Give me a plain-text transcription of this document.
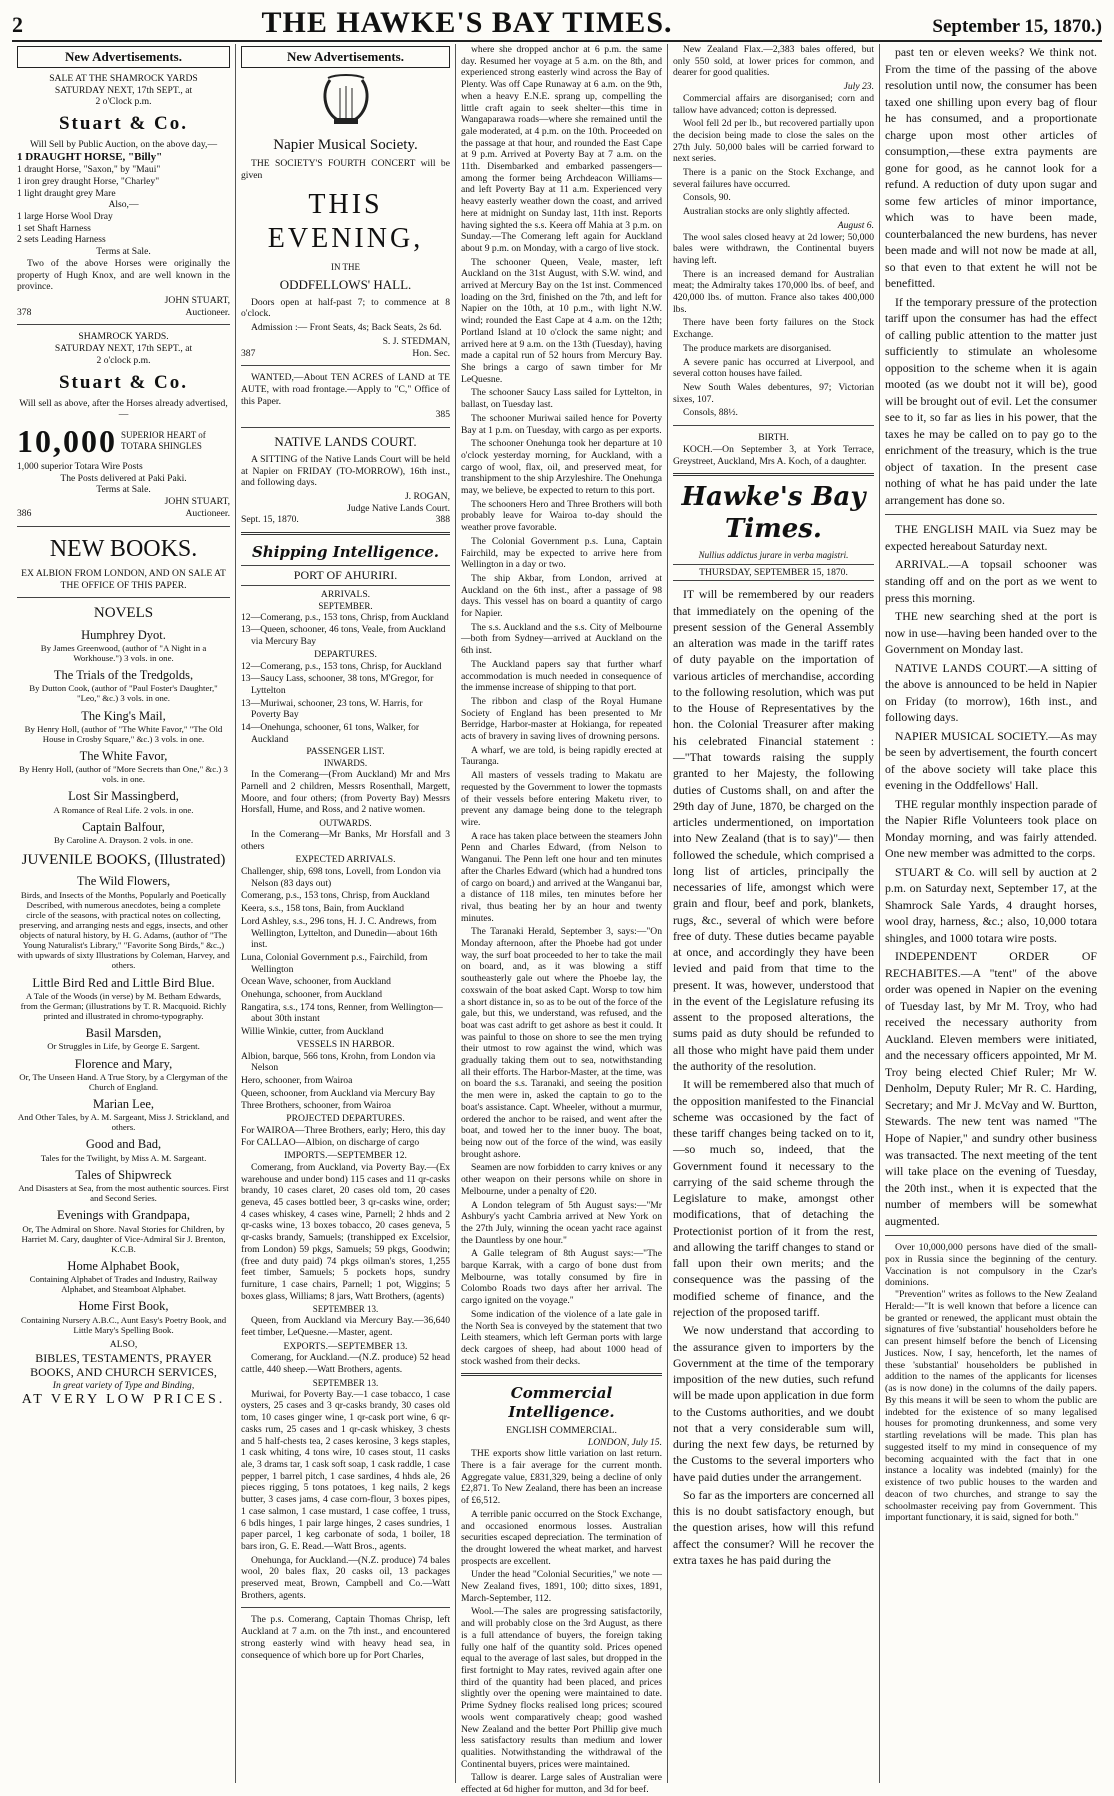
2	THE HAWKE'S BAY TIMES.	September 15, 1870.)
New Advertisements.
SALE AT THE SHAMROCK YARDS
SATURDAY NEXT, 17th SEPT., at
2 o'Clock p.m.
Stuart & Co.
Will Sell by Public Auction, on the above day,—
1 DRAUGHT HORSE, "Billy"
1 draught Horse, "Saxon," by "Maui"
1 iron grey draught Horse, "Charley"
1 light draught grey Mare
Also,—
1 large Horse Wool Dray
1 set Shaft Harness
2 sets Leading Harness
Terms at Sale.
Two of the above Horses were originally the property of Hugh Knox, and are well known in the province.
JOHN STUART,
378	Auctioneer.
SHAMROCK YARDS.
SATURDAY NEXT, 17th SEPT., at
2 o'clock p.m.
Stuart & Co.
Will sell as above, after the Horses already advertised,—
10,000 SUPERIOR HEART of TOTARA SHINGLES
1,000 superior Totara Wire Posts
The Posts delivered at Paki Paki.
Terms at Sale.
JOHN STUART,
386	Auctioneer.
NEW BOOKS.
EX ALBION FROM LONDON, AND ON SALE AT THE OFFICE OF THIS PAPER.
NOVELS
Humphrey Dyot.
By James Greenwood, (author of "A Night in a Workhouse.") 3 vols. in one.
The Trials of the Tredgolds,
By Dutton Cook, (author of "Paul Foster's Daughter," "Leo," &c.) 3 vols. in one.
The King's Mail,
By Henry Holl, (author of "The White Favor," "The Old House in Crosby Square," &c.) 3 vols. in one.
The White Favor,
By Henry Holl, (author of "More Secrets than One," &c.) 3 vols. in one.
Lost Sir Massingberd,
A Romance of Real Life. 2 vols. in one.
Captain Balfour,
By Caroline A. Drayson. 2 vols. in one.
JUVENILE BOOKS, (Illustrated)
The Wild Flowers,
Birds, and Insects of the Months, Popularly and Poetically Described, with numerous anecdotes, being a complete circle of the seasons, with practical notes on collecting, preserving, and arranging nests and eggs, insects, and other objects of natural history, by H. G. Adams, (author of "The Young Naturalist's Library," "Favorite Song Birds," &c.,) with upwards of sixty Illustrations by Coleman, Harvey, and others.
Little Bird Red and Little Bird Blue.
A Tale of the Woods (in verse) by M. Betham Edwards, from the German; (illustrations by T. R. Macquoid. Richly printed and illustrated in chromo-typography.
Basil Marsden,
Or Struggles in Life, by George E. Sargent.
Florence and Mary,
Or, The Unseen Hand. A True Story, by a Clergyman of the Church of England.
Marian Lee,
And Other Tales, by A. M. Sargeant, Miss J. Strickland, and others.
Good and Bad,
Tales for the Twilight, by Miss A. M. Sargeant.
Tales of Shipwreck
And Disasters at Sea, from the most authentic sources. First and Second Series.
Evenings with Grandpapa,
Or, The Admiral on Shore. Naval Stories for Children, by Harriet M. Cary, daughter of Vice-Admiral Sir J. Brenton, K.C.B.
Home Alphabet Book,
Containing Alphabet of Trades and Industry, Railway Alphabet, and Steamboat Alphabet.
Home First Book,
Containing Nursery A.B.C., Aunt Easy's Poetry Book, and Little Mary's Spelling Book.
ALSO,
BIBLES, TESTAMENTS, PRAYER BOOKS, AND CHURCH SERVICES,
In great variety of Type and Binding,
AT VERY LOW PRICES.
New Advertisements.
Napier Musical Society.
THE SOCIETY'S FOURTH CONCERT will be given
THIS EVENING,
IN THE
ODDFELLOWS' HALL.
Doors open at half-past 7; to commence at 8 o'clock.
Admission :— Front Seats, 4s; Back Seats, 2s 6d.
S. J. STEDMAN,
387	Hon. Sec.
WANTED,—About TEN ACRES of LAND at TE AUTE, with road frontage.—Apply to "C," Office of this Paper.
385
NATIVE LANDS COURT.
A SITTING of the Native Lands Court will be held at Napier on FRIDAY (TO-MORROW), 16th inst., and following days.
J. ROGAN,
Judge Native Lands Court.
Sept. 15, 1870.	388
Shipping Intelligence.
PORT OF AHURIRI.
ARRIVALS.
SEPTEMBER.
12—Comerang, p.s., 153 tons, Chrisp, from Auckland
13—Queen, schooner, 46 tons, Veale, from Auckland via Mercury Bay
DEPARTURES.
12—Comerang, p.s., 153 tons, Chrisp, for Auckland
13—Saucy Lass, schooner, 38 tons, M'Gregor, for Lyttelton
13—Muriwai, schooner, 23 tons, W. Harris, for Poverty Bay
14—Onehunga, schooner, 61 tons, Walker, for Auckland
PASSENGER LIST.
INWARDS.
In the Comerang—(From Auckland) Mr and Mrs Parnell and 2 children, Messrs Rosenthall, Margett, Moore, and four others; (from Poverty Bay) Messrs Horsfall, Hume, and Ross, and 2 native women.
OUTWARDS.
In the Comerang—Mr Banks, Mr Horsfall and 3 others
EXPECTED ARRIVALS.
Challenger, ship, 698 tons, Lovell, from London via Nelson (83 days out)
Comerang, p.s., 153 tons, Chrisp, from Auckland
Keera, s.s., 158 tons, Bain, from Auckland
Lord Ashley, s.s., 296 tons, H. J. C. Andrews, from Wellington, Lyttelton, and Dunedin—about 16th inst.
Luna, Colonial Government p.s., Fairchild, from Wellington
Ocean Wave, schooner, from Auckland
Onehunga, schooner, from Auckland
Rangatira, s.s., 174 tons, Renner, from Wellington—about 30th instant
Willie Winkie, cutter, from Auckland
VESSELS IN HARBOR.
Albion, barque, 566 tons, Krohn, from London via Nelson
Hero, schooner, from Wairoa
Queen, schooner, from Auckland via Mercury Bay
Three Brothers, schooner, from Wairoa
PROJECTED DEPARTURES.
For WAIROA—Three Brothers, early; Hero, this day
For CALLAO—Albion, on discharge of cargo
IMPORTS.—SEPTEMBER 12.
Comerang, from Auckland, via Poverty Bay.—(Ex warehouse and under bond) 115 cases and 11 qr-casks brandy, 10 cases claret, 20 cases old tom, 20 cases geneva, 45 cases bottled beer, 3 qr-casks wine, order; 4 cases whiskey, 4 cases wine, Parnell; 2 hhds and 2 qr-casks wine, 13 boxes tobacco, 20 cases geneva, 5 qr-casks brandy, Samuels; (transhipped ex Excelsior, from London) 59 pkgs, Samuels; 59 pkgs, Goodwin; (free and duty paid) 74 pkgs oilman's stores, 1,255 feet timber, Samuels; 5 pockets hops, sundry furniture, 1 case chairs, Parnell; 1 pot, Wiggins; 5 boxes glass, Williams; 8 jars, Watt Brothers, (agents)
SEPTEMBER 13.
Queen, from Auckland via Mercury Bay.—36,640 feet timber, LeQuesne.—Master, agent.
EXPORTS.—SEPTEMBER 13.
Comerang, for Auckland.—(N.Z. produce) 52 head cattle, 440 sheep.—Watt Brothers, agents.
SEPTEMBER 13.
Muriwai, for Poverty Bay.—1 case tobacco, 1 case oysters, 25 cases and 3 qr-casks brandy, 30 cases old tom, 10 cases ginger wine, 1 qr-cask port wine, 6 qr-casks rum, 25 cases and 1 qr-cask whiskey, 3 chests and 5 half-chests tea, 2 cases kerosine, 3 kegs staples, 1 cask whiting, 4 tons wire, 10 cases stout, 11 casks ale, 3 drams tar, 1 cask soft soap, 1 cask raddle, 1 case pepper, 1 barrel pitch, 1 case sardines, 4 hhds ale, 26 pieces rigging, 5 tons potatoes, 1 keg nails, 2 kegs butter, 3 cases jams, 4 case corn-flour, 3 boxes pipes, 1 case salmon, 1 case mustard, 1 case coffee, 1 truss, 6 bdls hinges, 1 pair large hinges, 2 cases sundries, 1 paper parcel, 1 keg carbonate of soda, 1 boiler, 18 bars iron, G. E. Read.—Watt Bros., agents.
Onehunga, for Auckland.—(N.Z. produce) 74 bales wool, 20 bales flax, 20 casks oil, 13 packages preserved meat, Brown, Campbell and Co.—Watt Brothers, agents.
The p.s. Comerang, Captain Thomas Chrisp, left Auckland at 7 a.m. on the 7th inst., and encountered strong easterly wind with heavy head sea, in consequence of which bore up for Port Charles,
where she dropped anchor at 6 p.m. the same day. Resumed her voyage at 5 a.m. on the 8th, and experienced strong easterly wind across the Bay of Plenty. Was off Cape Runaway at 6 a.m. on the 9th, when a heavy E.N.E. sprang up, compelling the little craft again to seek shelter—this time in Wangaparawa roads—where she remained until the gale moderated, at 4 p.m. on the 10th. Proceeded on the passage at that hour, and rounded the East Cape at 9 p.m. Arrived at Poverty Bay at 7 a.m. on the 11th. Disembarked and embarked passengers—among the former being Archdeacon Williams—and left Poverty Bay at 11 a.m. Experienced very heavy easterly weather down the coast, and arrived here at midnight on Sunday last, 11th inst. Reports having sighted the s.s. Keera off Mahia at 3 p.m. on Sunday.—The Comerang left again for Auckland about 9 p.m. on Monday, with a cargo of live stock.
The schooner Queen, Veale, master, left Auckland on the 31st August, with S.W. wind, and arrived at Mercury Bay on the 1st inst. Commenced loading on the 3rd, finished on the 7th, and left for Napier on the 10th, at 10 p.m., with light N.W. wind; rounded the East Cape at 4 a.m. on the 12th; Portland Island at 10 o'clock the same night; and arrived here at 9 a.m. on the 13th (Tuesday), having made a capital run of 52 hours from Mercury Bay. She brings a cargo of sawn timber for Mr LeQuesne.
The schooner Saucy Lass sailed for Lyttelton, in ballast, on Tuesday last.
The schooner Muriwai sailed hence for Poverty Bay at 1 p.m. on Tuesday, with cargo as per exports.
The schooner Onehunga took her departure at 10 o'clock yesterday morning, for Auckland, with a cargo of wool, flax, oil, and preserved meat, for transhipment to the ship Arzyleshire. The Onehunga may, we believe, be expected to return to this port.
The schooners Hero and Three Brothers will both probably leave for Wairoa to-day should the weather prove favorable.
The Colonial Government p.s. Luna, Captain Fairchild, may be expected to arrive here from Wellington in a day or two.
The ship Akbar, from London, arrived at Auckland on the 6th inst., after a passage of 98 days. This vessel has on board a quantity of cargo for Napier.
The s.s. Auckland and the s.s. City of Melbourne—both from Sydney—arrived at Auckland on the 6th inst.
The Auckland papers say that further wharf accommodation is much needed in consequence of the immense increase of shipping to that port.
The ribbon and clasp of the Royal Humane Society of England has been presented to Mr Berridge, Harbor-master at Hokianga, for repeated acts of bravery in saving lives of drowning persons.
A wharf, we are told, is being rapidly erected at Tauranga.
All masters of vessels trading to Makatu are requested by the Government to lower the topmasts of their vessels before entering Maketu river, to prevent any damage being done to the telegraph wire.
A race has taken place between the steamers John Penn and Charles Edward, (from Nelson to Wanganui. The Penn left one hour and ten minutes after the Charles Edward (which had a hundred tons of cargo on board,) and arrived at the Wanganui bar, a distance of 118 miles, ten minutes before her rival, thus beating her by an hour and twenty minutes.
The Taranaki Herald, September 3, says:—"On Monday afternoon, after the Phoebe had got under way, the surf boat proceeded to her to take the mail on board, and, as it was blowing a stiff southeasterly gale out where the Phoebe lay, the coxswain of the boat asked Capt. Worsp to tow him a short distance in, so as to be out of the force of the gale, but this, we understand, was refused, and the boat was cast adrift to get ashore as best it could. It was painful to those on shore to see the men trying their utmost to row against the wind, which was gradually taking them out to sea, notwithstanding all their efforts. The Harbor-Master, at the time, was on board the s.s. Taranaki, and seeing the position the men were in, asked the captain to go to the boat's assistance. Capt. Wheeler, without a murmur, ordered the anchor to be raised, and went after the boat, and towed her to the inner buoy. The boat, being now out of the force of the wind, was easily brought ashore.
Seamen are now forbidden to carry knives or any other weapon on their persons while on shore in Melbourne, under a penalty of £20.
A London telegram of 5th August says:—"Mr Ashbury's yacht Cambria arrived at New York on the 27th July, winning the ocean yacht race against the Dauntless by one hour."
A Galle telegram of 8th August says:—"The barque Karrak, with a cargo of bone dust from Melbourne, was totally consumed by fire in Colombo Roads two days after her arrival. The cargo ignited on the voyage."
Some indication of the violence of a late gale in the North Sea is conveyed by the statement that two Leith steamers, which left German ports with large deck cargoes of sheep, had about 1000 head of stock washed from their decks.
Commercial Intelligence.
ENGLISH COMMERCIAL.
LONDON, July 15.
THE exports show little variation on last return. There is a fair average for the current month. Aggregate value, £831,329, being a decline of only £2,871. To New Zealand, there has been an increase of £6,512.
A terrible panic occurred on the Stock Exchange, and occasioned enormous losses. Australian securities escaped depreciation. The termination of the drought lowered the wheat market, and harvest prospects are excellent.
Under the head "Colonial Securities," we note —New Zealand fives, 1891, 100; ditto sixes, 1891, March-September, 112.
Wool.—The sales are progressing satisfactorily, and will probably close on the 3rd August, as there is a full attendance of buyers, the foreign taking fully one half of the quantity sold. Prices opened equal to the average of last sales, but dropped in the first fortnight to May rates, revived again after one third of the quantity had been placed, and prices slightly over the opening were maintained to date. Prime Sydney flocks realised long prices; scoured wools went comparatively cheap; good washed New Zealand and the better Port Phillip give much less satisfactory results than medium and lower qualities. Notwithstanding the withdrawal of the Continental buyers, prices were maintained.
Tallow is dearer. Large sales of Australian were effected at 6d higher for mutton, and 3d for beef.
New Zealand Flax.—2,383 bales offered, but only 550 sold, at lower prices for common, and dearer for good qualities.
July 23.
Commercial affairs are disorganised; corn and tallow have advanced; cotton is depressed.
Wool fell 2d per lb., but recovered partially upon the decision being made to close the sales on the 27th July. 50,000 bales will be carried forward to next series.
There is a panic on the Stock Exchange, and several failures have occurred.
Consols, 90.
Australian stocks are only slightly affected.
August 6.
The wool sales closed heavy at 2d lower; 50,000 bales were withdrawn, the Continental buyers having left.
There is an increased demand for Australian meat; the Admiralty takes 170,000 lbs. of beef, and 420,000 lbs. of mutton. France also takes 400,000 lbs.
There have been forty failures on the Stock Exchange.
The produce markets are disorganised.
A severe panic has occurred at Liverpool, and several cotton houses have failed.
New South Wales debentures, 97; Victorian sixes, 107.
Consols, 88½.
BIRTH.
KOCH.—On September 3, at York Terrace, Greystreet, Auckland, Mrs A. Koch, of a daughter.
Hawke's Bay Times.
Nullius addictus jurare in verba magistri.
THURSDAY, SEPTEMBER 15, 1870.
IT will be remembered by our readers that immediately on the opening of the present session of the General Assembly an alteration was made in the tariff rates of duty payable on the importation of various articles of merchandise, according to the following resolution, which was put to the House of Representatives by the hon. the Colonial Treasurer after making his celebrated Financial statement :—"That towards raising the supply granted to her Majesty, the following duties of Customs shall, on and after the 29th day of June, 1870, be charged on the articles undermentioned, on importation into New Zealand (that is to say)"— then followed the schedule, which comprised a long list of articles, principally the necessaries of life, amongst which were grain and flour, beef and pork, blankets, rugs, &c., several of which were before free of duty. These duties became payable at once, and accordingly they have been levied and paid from that time to the present. It was, however, understood that in the event of the Legislature refusing its assent to the proposed alterations, the sums paid as duty should be refunded to all those who might have paid them under the authority of the resolution.
It will be remembered also that much of the opposition manifested to the Financial scheme was occasioned by the fact of these tariff changes being tacked on to it,—so much so, indeed, that the Government found it necessary to the carrying of the said scheme through the Legislature to make, amongst other modifications, that of detaching the Protectionist portion of it from the rest, and allowing the tariff changes to stand or fall upon their own merits; and the consequence was the passing of the modified scheme of finance, and the rejection of the proposed tariff.
We now understand that according to the assurance given to importers by the Government at the time of the temporary imposition of the new duties, such refund will be made upon application in due form to the Customs authorities, and we doubt not that a very considerable sum will, during the next few days, be returned by the Customs to the several importers who have paid duties under the arrangement.
So far as the importers are concerned all this is no doubt satisfactory enough, but the question arises, how will this refund affect the consumer? Will he recover the extra taxes he has paid during the
past ten or eleven weeks? We think not. From the time of the passing of the above resolution until now, the consumer has been taxed one shilling upon every bag of flour he has consumed, and a proportionate charge upon most other articles of consumption,—these extra payments are gone for good, as he cannot look for a refund. A reduction of duty upon sugar and some few articles of minor importance, which was to have been made, counterbalanced the new burdens, has never been made and will not now be made at all, so that even to that extent he will not be benefitted.
If the temporary pressure of the protection tariff upon the consumer has had the effect of calling public attention to the matter just sufficiently to stimulate an wholesome opposition to the scheme when it is again mooted (as we doubt not it will be), good will be brought out of evil. Let the consumer see to it, so far as lies in his power, that the taxes he may be called on to pay go to the enrichment of the treasury, which is the true object of taxation. In the present case nothing of what he has paid under the late arrangement has done so.
THE ENGLISH MAIL via Suez may be expected hereabout Saturday next.
ARRIVAL.—A topsail schooner was standing off and on the port as we went to press this morning.
THE new searching shed at the port is now in use—having been handed over to the Government on Monday last.
NATIVE LANDS COURT.—A sitting of the above is announced to be held in Napier on Friday (to morrow), 16th inst., and following days.
NAPIER MUSICAL SOCIETY.—As may be seen by advertisement, the fourth concert of the above society will take place this evening in the Oddfellows' Hall.
THE regular monthly inspection parade of the Napier Rifle Volunteers took place on Monday morning, and was fairly attended. One new member was admitted to the corps.
STUART & Co. will sell by auction at 2 p.m. on Saturday next, September 17, at the Shamrock Sale Yards, 4 draught horses, wool dray, harness, &c.; also, 10,000 totara shingles, and 1000 totara wire posts.
INDEPENDENT ORDER OF RECHABITES.—A "tent" of the above order was opened in Napier on the evening of Tuesday last, by Mr M. Troy, who had received the necessary authority from Auckland. Eleven members were initiated, and the necessary officers appointed, Mr M. Troy being elected Chief Ruler; Mr W. Denholm, Deputy Ruler; Mr R. C. Harding, Secretary; and Mr J. McVay and W. Burtton, Stewards. The new tent was named "The Hope of Napier," and sundry other business was transacted. The next meeting of the tent will take place on the evening of Tuesday, the 20th inst., when it is expected that the number of members will be somewhat augmented.
Over 10,000,000 persons have died of the small-pox in Russia since the beginning of the century. Vaccination is not compulsory in the Czar's dominions.
"Prevention" writes as follows to the New Zealand Herald:—"It is well known that before a licence can be granted or renewed, the applicant must obtain the signatures of five 'substantial' householders before he can present himself before the bench of Licensing Justices. Now, I say, henceforth, let the names of these 'substantial' householders be published in addition to the names of the applicants for licenses (as is now done) in the columns of the daily papers. By this means it will be seen to whom the public are indebted for the existence of so many legalised houses for promoting drunkenness, and some very startling revelations will be made. This plan has suggested itself to my mind in consequence of my becoming acquainted with the fact that in one instance a locality was indebted (mainly) for the existence of two public houses to the warden and deacon of two churches, and strange to say the schoolmaster receiving pay from Government. This important functionary, it is said, signed for both."
